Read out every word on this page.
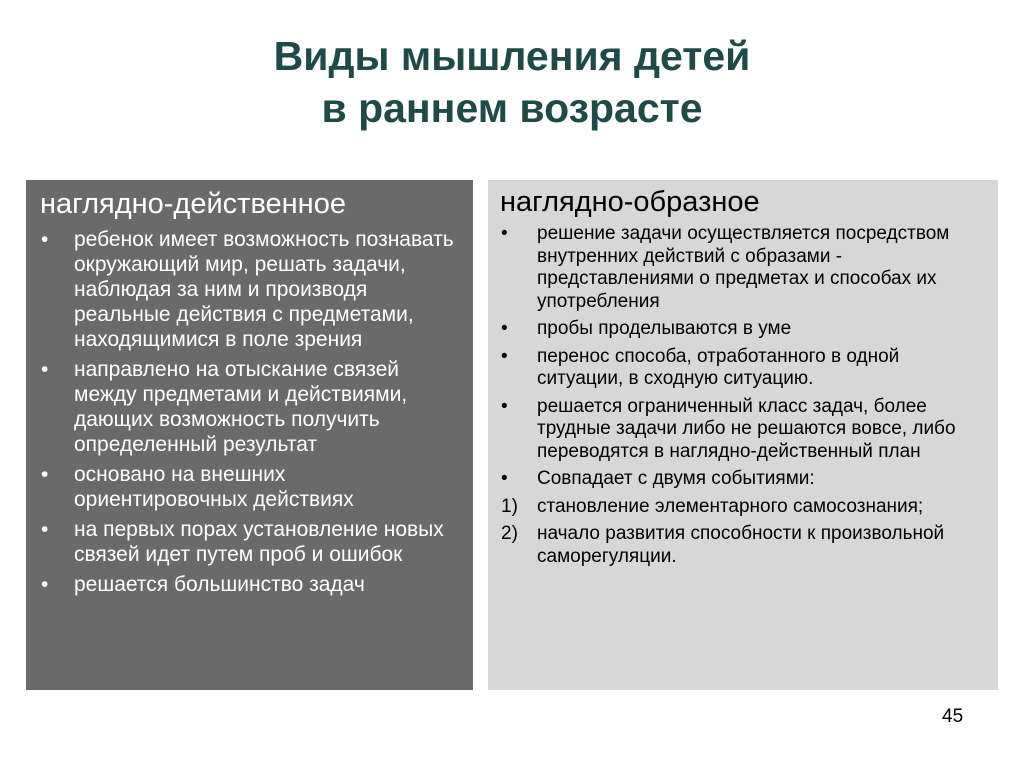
Виды мышления детей
в раннем возрасте
наглядно-действенное
•	ребенок имеет возможность познавать окружающий мир, решать задачи, наблюдая за ним и производя реальные действия с предметами, находящимися в поле зрения
•	направлено на отыскание связей между предметами и действиями, дающих возможность получить определенный результат
•	основано на внешних ориентировочных действиях
•	на первых порах установление новых связей идет путем проб и ошибок
•	решается большинство задач
наглядно-образное
•	решение задачи осуществляется посредством внутренних действий с образами - представлениями о предметах и способах их употребления
•	пробы проделываются в уме
•	перенос способа, отработанного в одной ситуации, в сходную ситуацию.
•	решается ограниченный класс задач, более трудные задачи либо не решаются вовсе, либо переводятся в наглядно-действенный план
•	Совпадает с двумя событиями:
1)	становление элементарного самосознания;
2)	начало развития способности к произвольной саморегуляции.
45
